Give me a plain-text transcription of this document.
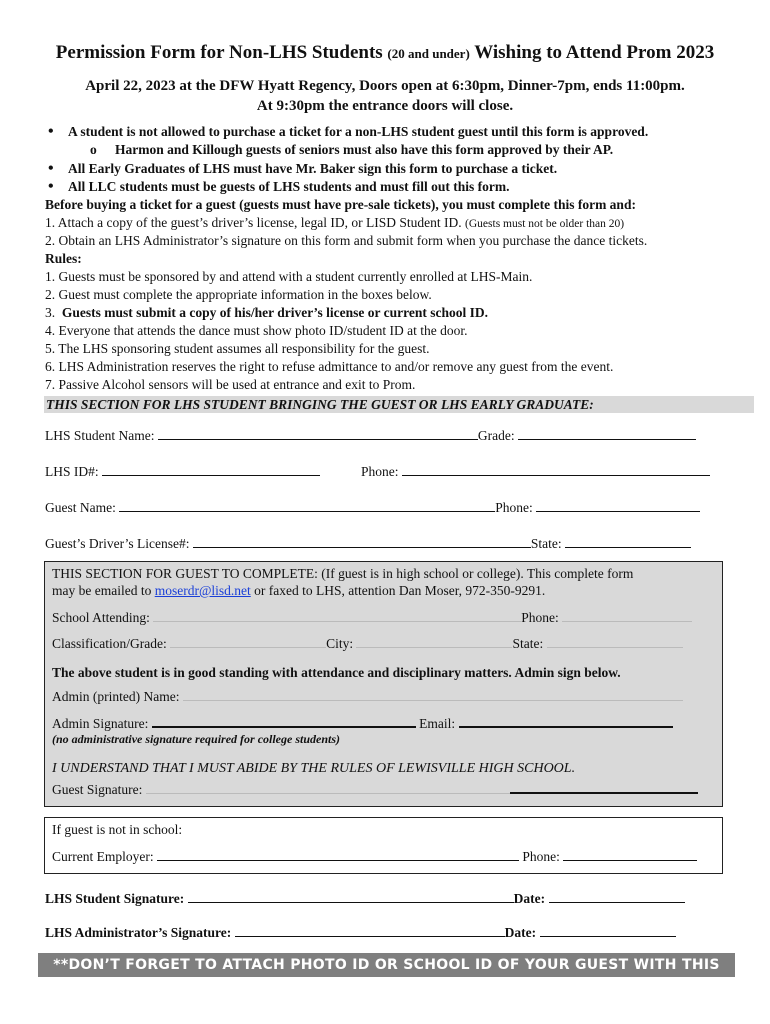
Permission Form for Non-LHS Students (20 and under) Wishing to Attend Prom 2023
April 22, 2023 at the DFW Hyatt Regency, Doors open at 6:30pm, Dinner-7pm, ends 11:00pm.
At 9:30pm the entrance doors will close.
• A student is not allowed to purchase a ticket for a non-LHS student guest until this form is approved.
o Harmon and Killough guests of seniors must also have this form approved by their AP.
• All Early Graduates of LHS must have Mr. Baker sign this form to purchase a ticket.
• All LLC students must be guests of LHS students and must fill out this form.
Before buying a ticket for a guest (guests must have pre-sale tickets), you must complete this form and:
1. Attach a copy of the guest’s driver’s license, legal ID, or LISD Student ID. (Guests must not be older than 20)
2. Obtain an LHS Administrator’s signature on this form and submit form when you purchase the dance tickets.
Rules:
1. Guests must be sponsored by and attend with a student currently enrolled at LHS-Main.
2. Guest must complete the appropriate information in the boxes below.
3. Guests must submit a copy of his/her driver’s license or current school ID.
4. Everyone that attends the dance must show photo ID/student ID at the door.
5. The LHS sponsoring student assumes all responsibility for the guest.
6. LHS Administration reserves the right to refuse admittance to and/or remove any guest from the event.
7. Passive Alcohol sensors will be used at entrance and exit to Prom.
THIS SECTION FOR LHS STUDENT BRINGING THE GUEST OR LHS EARLY GRADUATE:
LHS Student Name:	Grade:
LHS ID#:	Phone:
Guest Name:	Phone:
Guest’s Driver’s License#:	State:
THIS SECTION FOR GUEST TO COMPLETE: (If guest is in high school or college). This complete form
may be emailed to moserdr@lisd.net or faxed to LHS, attention Dan Moser, 972-350-9291.
School Attending:	Phone:
Classification/Grade:	City:	State:
The above student is in good standing with attendance and disciplinary matters. Admin sign below.
Admin (printed) Name:
Admin Signature:	Email:
(no administrative signature required for college students)
I UNDERSTAND THAT I MUST ABIDE BY THE RULES OF LEWISVILLE HIGH SCHOOL.
Guest Signature:
If guest is not in school:
Current Employer:	Phone:
LHS Student Signature:	Date:
LHS Administrator’s Signature:	Date:
**DON’T FORGET TO ATTACH PHOTO ID OR SCHOOL ID OF YOUR GUEST WITH THIS FORM!
